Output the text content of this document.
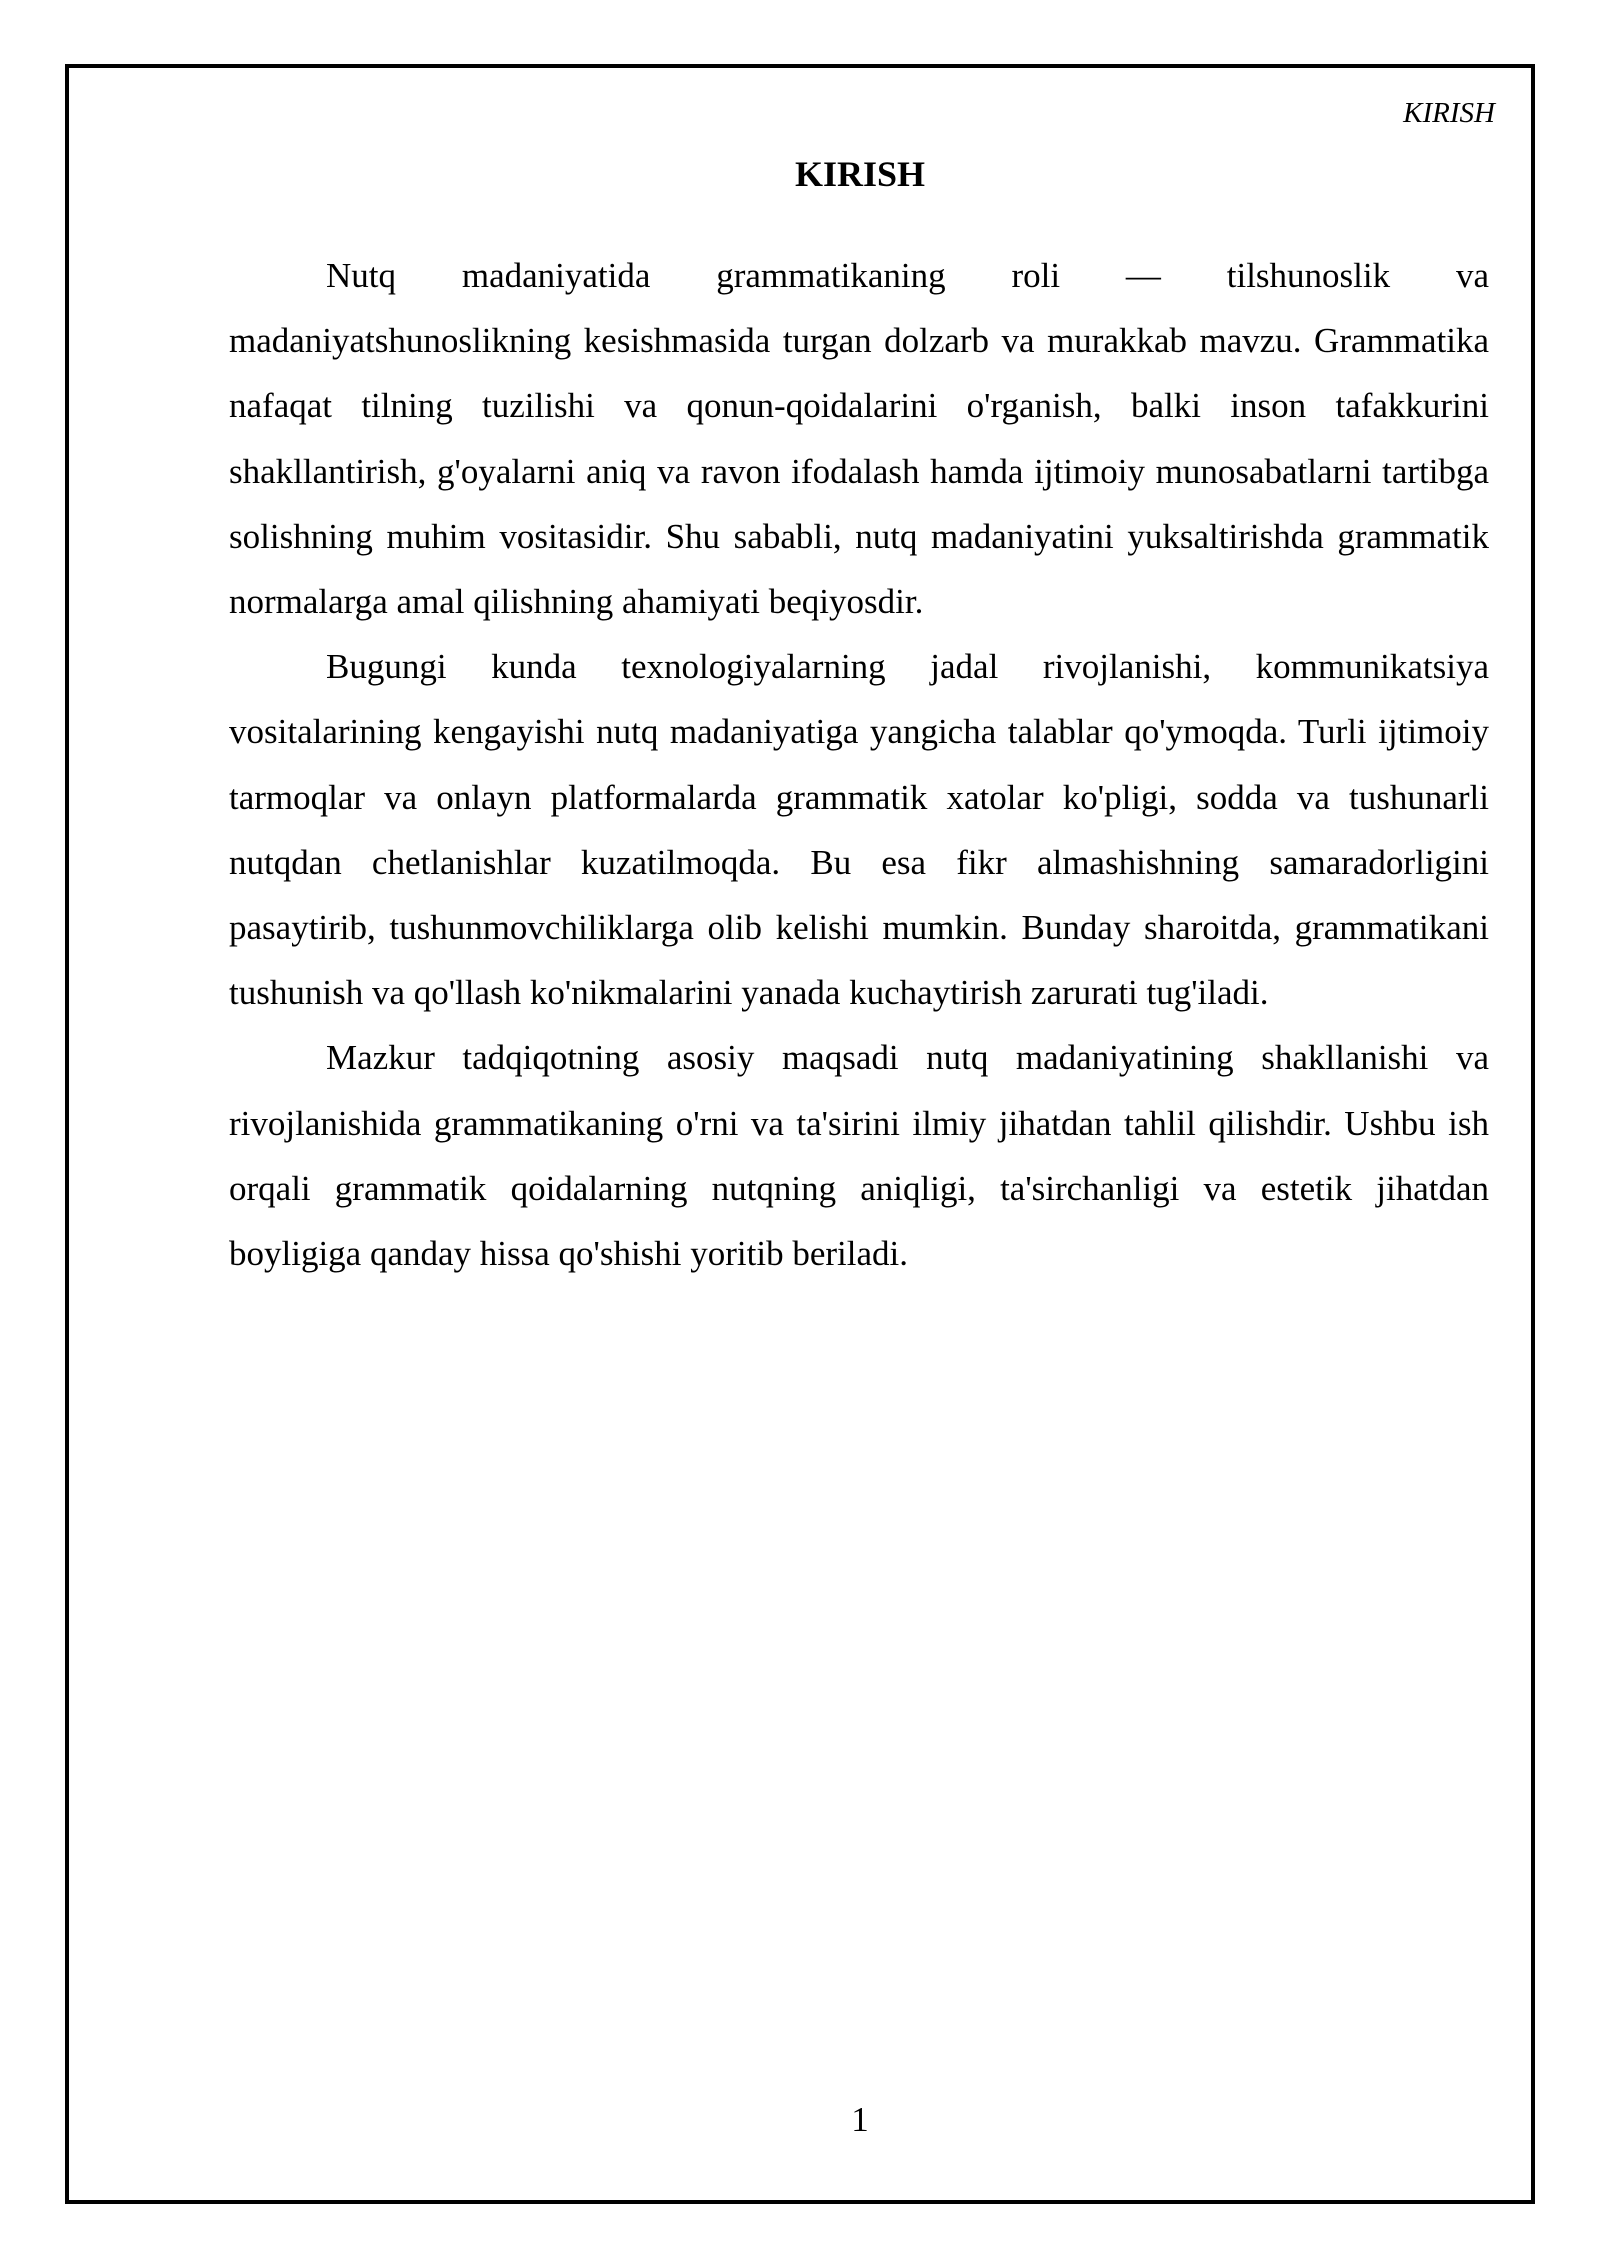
KIRISH
KIRISH

Nutq madaniyatida grammatikaning roli — tilshunoslik va madaniyatshunoslikning kesishmasida turgan dolzarb va murakkab mavzu. Grammatika nafaqat tilning tuzilishi va qonun-qoidalarini o'rganish, balki inson tafakkurini shakllantirish, g'oyalarni aniq va ravon ifodalash hamda ijtimoiy munosabatlarni tartibga solishning muhim vositasidir. Shu sababli, nutq madaniyatini yuksaltirishda grammatik normalarga amal qilishning ahamiyati beqiyosdir.

Bugungi kunda texnologiyalarning jadal rivojlanishi, kommunikatsiya vositalarining kengayishi nutq madaniyatiga yangicha talablar qo'ymoqda. Turli ijtimoiy tarmoqlar va onlayn platformalarda grammatik xatolar ko'pligi, sodda va tushunarli nutqdan chetlanishlar kuzatilmoqda. Bu esa fikr almashishning samaradorligini pasaytirib, tushunmovchiliklarga olib kelishi mumkin. Bunday sharoitda, grammatikani tushunish va qo'llash ko'nikmalarini yanada kuchaytirish zarurati tug'iladi.

Mazkur tadqiqotning asosiy maqsadi nutq madaniyatining shakllanishi va rivojlanishida grammatikaning o'rni va ta'sirini ilmiy jihatdan tahlil qilishdir. Ushbu ish orqali grammatik qoidalarning nutqning aniqligi, ta'sirchanligi va estetik jihatdan boyligiga qanday hissa qo'shishi yoritib beriladi.

1
